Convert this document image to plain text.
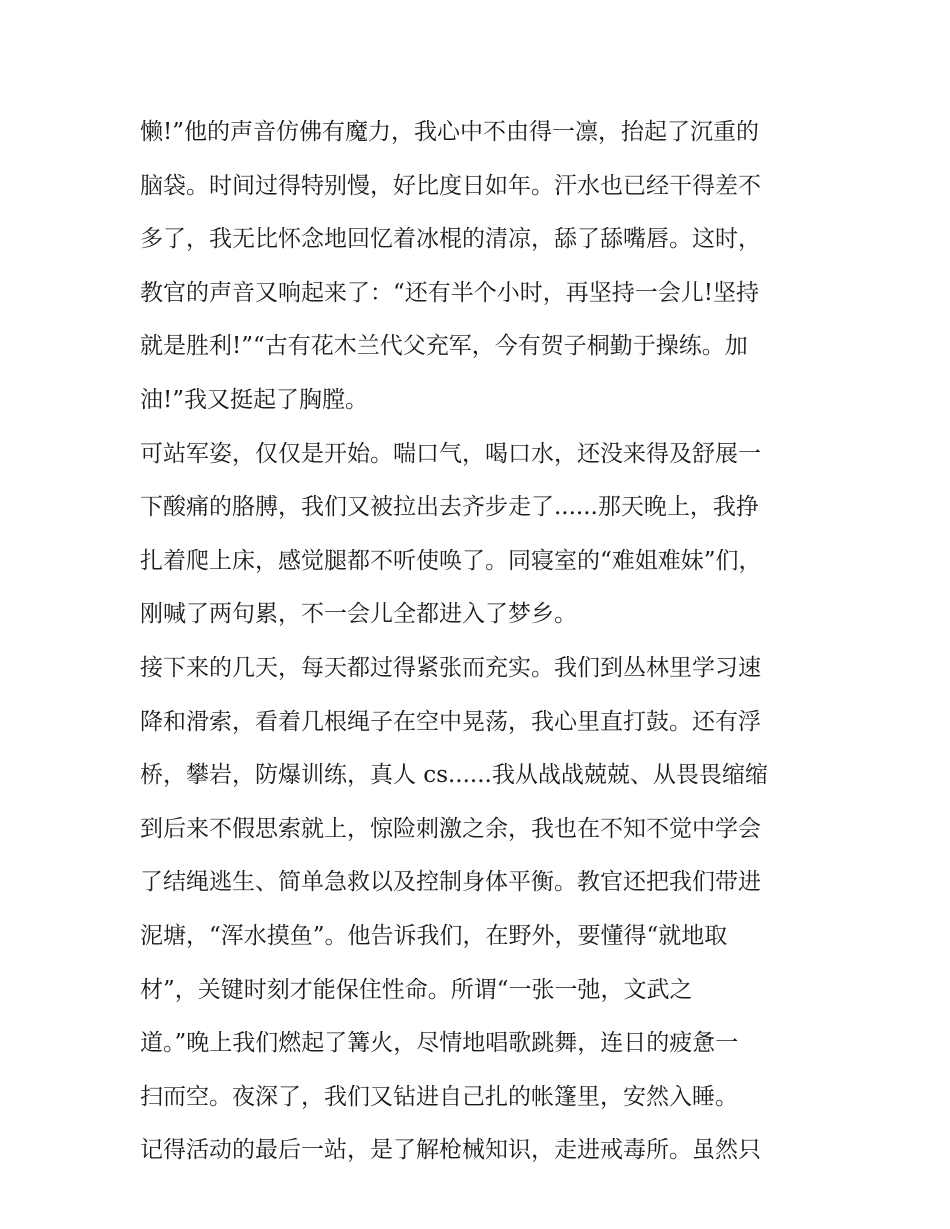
懒!”他的声音仿佛有魔力，我心中不由得一凛，抬起了沉重的
脑袋。时间过得特别慢，好比度日如年。汗水也已经干得差不
多了，我无比怀念地回忆着冰棍的清凉，舔了舔嘴唇。这时，
教官的声音又响起来了：“还有半个小时，再坚持一会儿!坚持
就是胜利!”“古有花木兰代父充军，今有贺子桐勤于操练。加
油!”我又挺起了胸膛。
可站军姿，仅仅是开始。喘口气，喝口水，还没来得及舒展一
下酸痛的胳膊，我们又被拉出去齐步走了......那天晚上，我挣
扎着爬上床，感觉腿都不听使唤了。同寝室的“难姐难妹”们，
刚喊了两句累，不一会儿全都进入了梦乡。
接下来的几天，每天都过得紧张而充实。我们到丛林里学习速
降和滑索，看着几根绳子在空中晃荡，我心里直打鼓。还有浮
桥，攀岩，防爆训练，真人 cs......我从战战兢兢、从畏畏缩缩
到后来不假思索就上，惊险刺激之余，我也在不知不觉中学会
了结绳逃生、简单急救以及控制身体平衡。教官还把我们带进
泥塘，“浑水摸鱼”。他告诉我们，在野外，要懂得“就地取
材”，关键时刻才能保住性命。所谓“一张一弛，文武之
道。”晚上我们燃起了篝火，尽情地唱歌跳舞，连日的疲惫一
扫而空。夜深了，我们又钻进自己扎的帐篷里，安然入睡。
记得活动的最后一站，是了解枪械知识，走进戒毒所。虽然只
